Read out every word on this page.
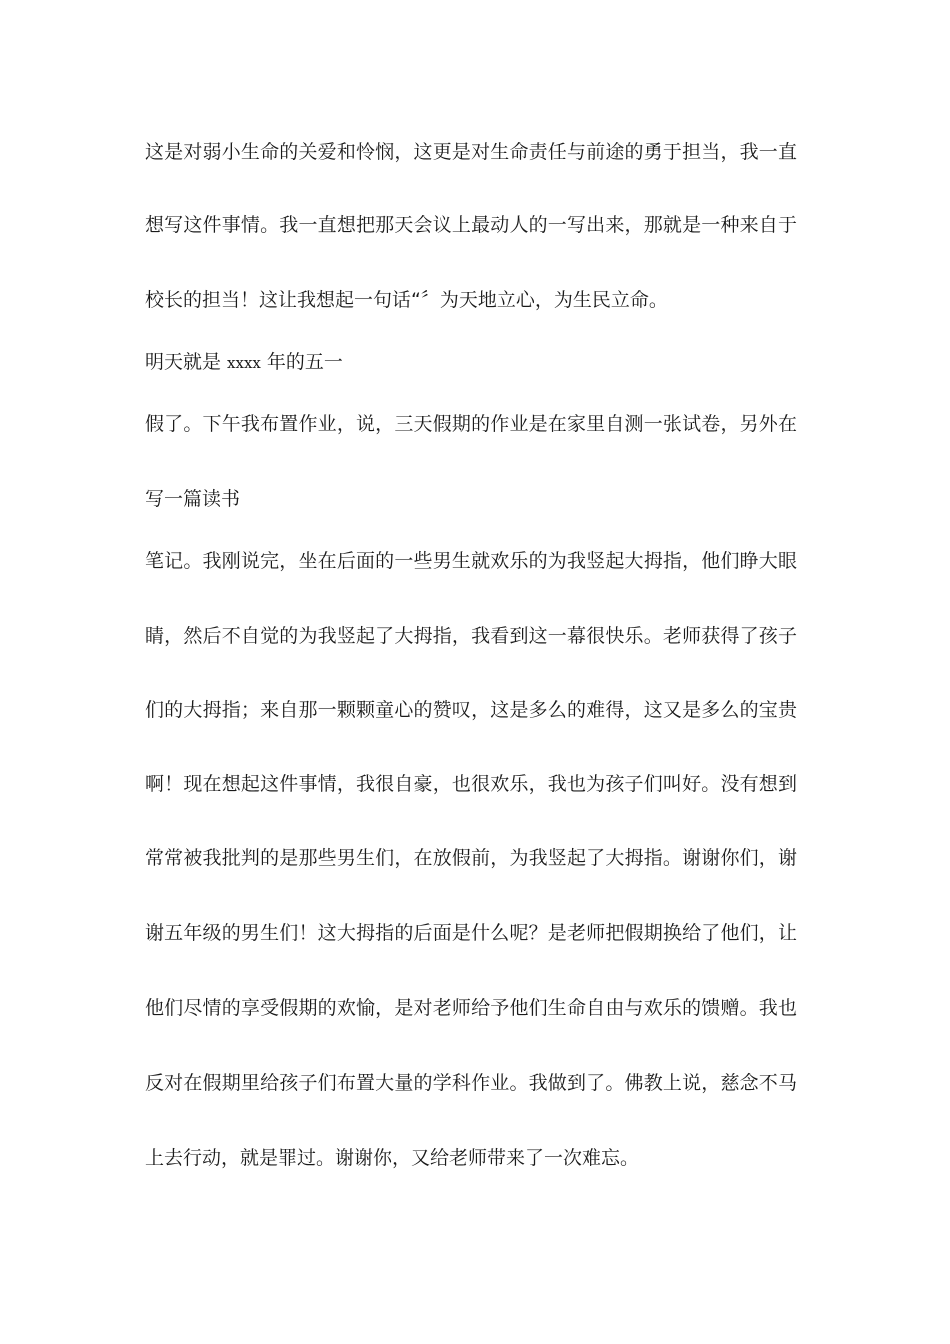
这是对弱小生命的关爱和怜悯，这更是对生命责任与前途的勇于担当，我一直
想写这件事情。我一直想把那天会议上最动人的一写出来，那就是一种来自于
校长的担当！这让我想起一句话“〞为天地立心，为生民立命。
明天就是 xxxx 年的五一
假了。下午我布置作业，说，三天假期的作业是在家里自测一张试卷，另外在
写一篇读书
笔记。我刚说完，坐在后面的一些男生就欢乐的为我竖起大拇指，他们睁大眼
睛，然后不自觉的为我竖起了大拇指，我看到这一幕很快乐。老师获得了孩子
们的大拇指；来自那一颗颗童心的赞叹，这是多么的难得，这又是多么的宝贵
啊！现在想起这件事情，我很自豪，也很欢乐，我也为孩子们叫好。没有想到
常常被我批判的是那些男生们，在放假前，为我竖起了大拇指。谢谢你们，谢
谢五年级的男生们！这大拇指的后面是什么呢？是老师把假期换给了他们，让
他们尽情的享受假期的欢愉，是对老师给予他们生命自由与欢乐的馈赠。我也
反对在假期里给孩子们布置大量的学科作业。我做到了。佛教上说，慈念不马
上去行动，就是罪过。谢谢你，又给老师带来了一次难忘。
